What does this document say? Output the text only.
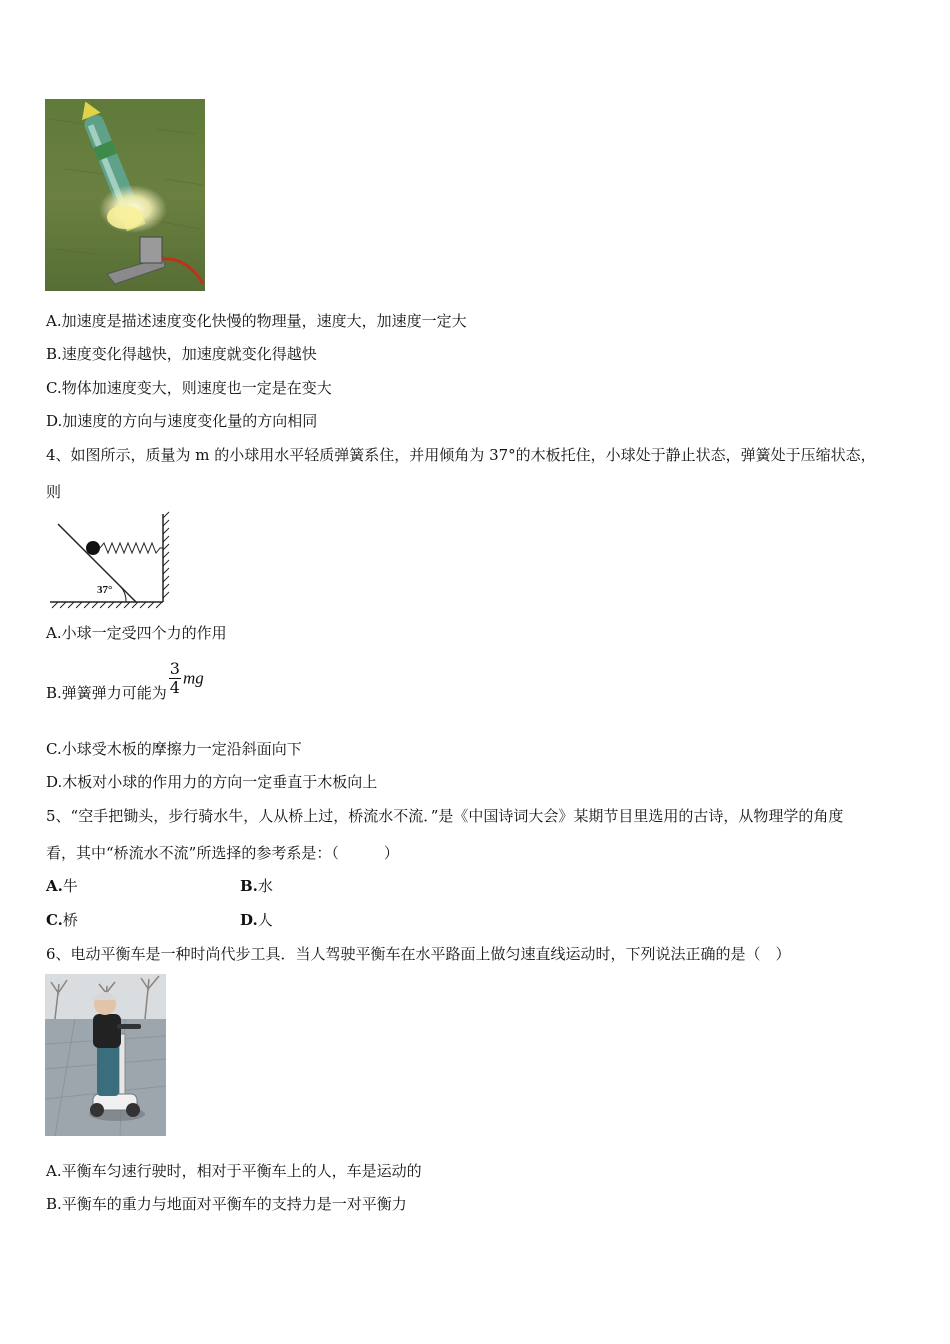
A.加速度是描述速度变化快慢的物理量，速度大，加速度一定大
B.速度变化得越快，加速度就变化得越快
C.物体加速度变大，则速度也一定是在变大
D.加速度的方向与速度变化量的方向相同
4、如图所示，质量为 m 的小球用水平轻质弹簧系住，并用倾角为 37°的木板托住，小球处于静止状态，弹簧处于压缩状态，
则
37°
A.小球一定受四个力的作用
B.弹簧弹力可能为 $\frac{3}{4}$ mg
C.小球受木板的摩擦力一定沿斜面向下
D.木板对小球的作用力的方向一定垂直于木板向上
5、“空手把锄头，步行骑水牛，人从桥上过，桥流水不流．”是《中国诗词大会》某期节目里选用的古诗，从物理学的角度
看，其中“桥流水不流”所选择的参考系是：（　　　）
A.牛	B.水
C.桥	D.人
6、电动平衡车是一种时尚代步工具．当人驾驶平衡车在水平路面上做匀速直线运动时，下列说法正确的是（　）
A.平衡车匀速行驶时，相对于平衡车上的人，车是运动的
B.平衡车的重力与地面对平衡车的支持力是一对平衡力
